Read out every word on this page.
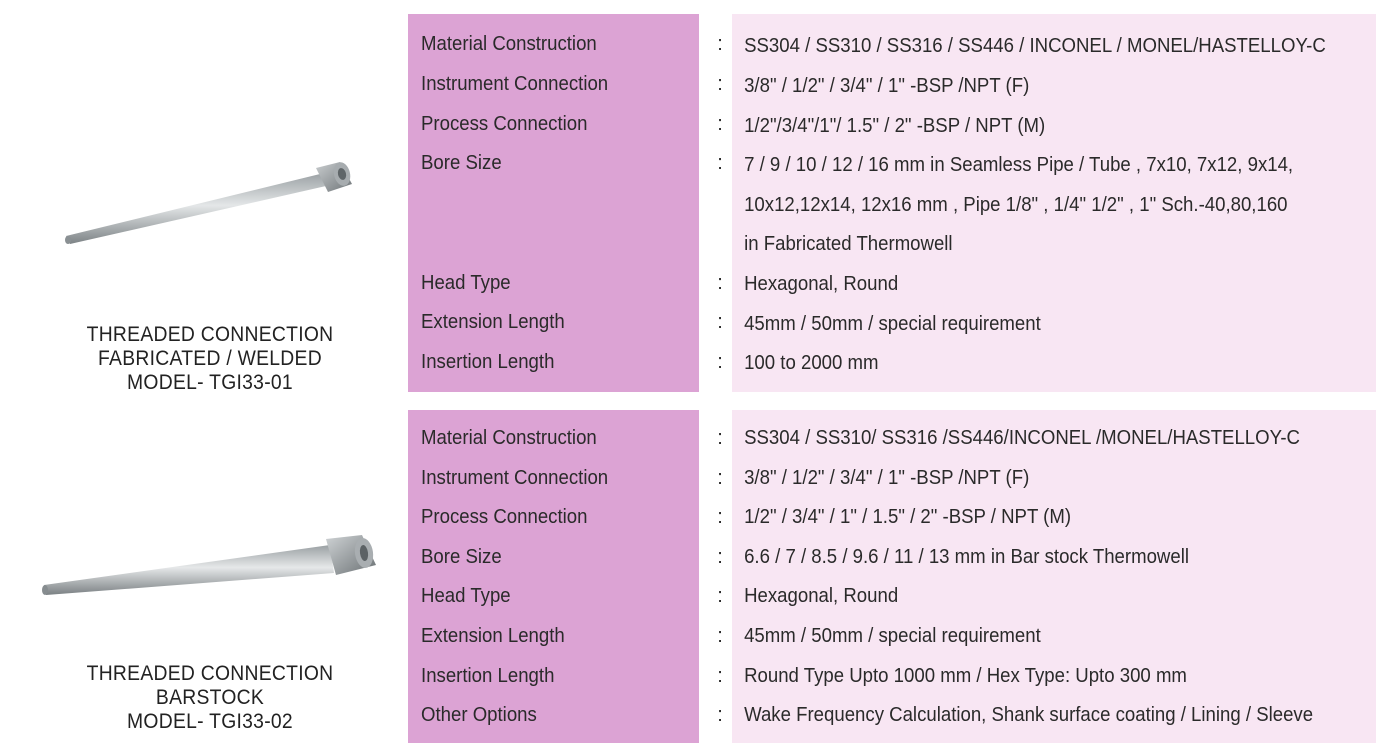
THREADED CONNECTION
FABRICATED / WELDED
MODEL- TGI33-01
Material Construction
Instrument Connection
Process Connection
Bore Size
Head Type
Extension Length
Insertion Length
:
:
:
:
:
:
:
SS304 / SS310 / SS316 / SS446 / INCONEL / MONEL/HASTELLOY-C
3/8" / 1/2" / 3/4" / 1" -BSP /NPT (F)
1/2"/3/4"/1"/ 1.5" / 2" -BSP / NPT (M)
7 / 9 / 10 / 12 / 16 mm in Seamless Pipe / Tube , 7x10, 7x12, 9x14,
10x12,12x14, 12x16 mm , Pipe 1/8" , 1/4" 1/2" , 1" Sch.-40,80,160
in Fabricated Thermowell
Hexagonal, Round
45mm / 50mm / special requirement
100 to 2000 mm
THREADED CONNECTION
BARSTOCK
MODEL- TGI33-02
Material Construction
Instrument Connection
Process Connection
Bore Size
Head Type
Extension Length
Insertion Length
Other Options
:
:
:
:
:
:
:
:
SS304 / SS310/ SS316 /SS446/INCONEL /MONEL/HASTELLOY-C
3/8" / 1/2" / 3/4" / 1" -BSP /NPT (F)
1/2" / 3/4" / 1" / 1.5" / 2" -BSP / NPT (M)
6.6 / 7 / 8.5 / 9.6 / 11 / 13 mm in Bar stock Thermowell
Hexagonal, Round
45mm / 50mm / special requirement
Round Type Upto 1000 mm / Hex Type: Upto 300 mm
Wake Frequency Calculation, Shank surface coating / Lining / Sleeve
